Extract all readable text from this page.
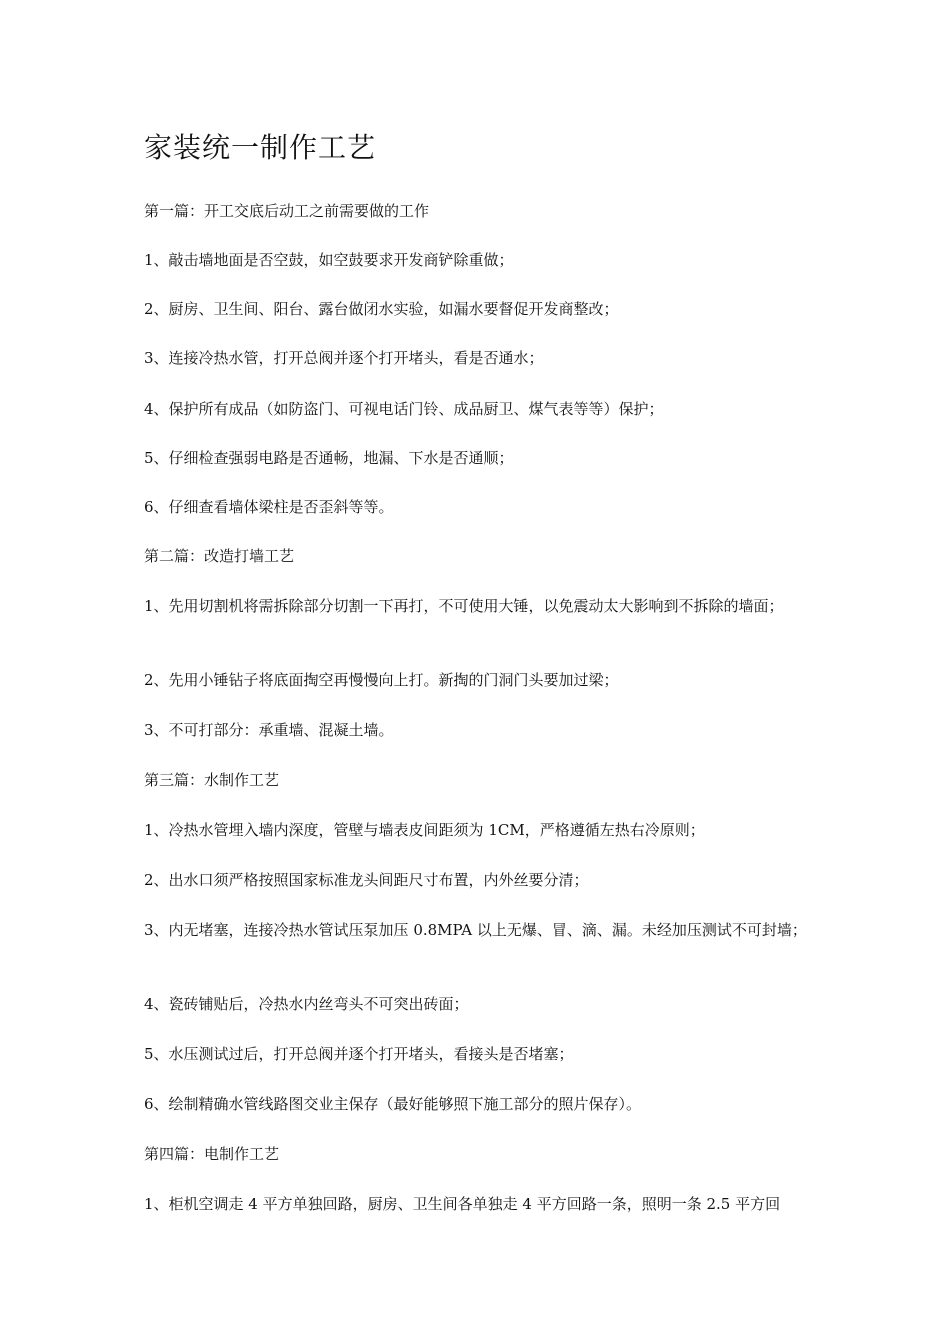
家装统一制作工艺
第一篇：开工交底后动工之前需要做的工作
1、敲击墙地面是否空鼓，如空鼓要求开发商铲除重做；
2、厨房、卫生间、阳台、露台做闭水实验，如漏水要督促开发商整改；
3、连接冷热水管，打开总阀并逐个打开堵头，看是否通水；
4、保护所有成品（如防盗门、可视电话门铃、成品厨卫、煤气表等等）保护；
5、仔细检查强弱电路是否通畅，地漏、下水是否通顺；
6、仔细查看墙体梁柱是否歪斜等等。
第二篇：改造打墙工艺
1、先用切割机将需拆除部分切割一下再打，不可使用大锤，以免震动太大影响到不拆除的墙面；
2、先用小锤钻子将底面掏空再慢慢向上打。新掏的门洞门头要加过梁；
3、不可打部分：承重墙、混凝土墙。
第三篇：水制作工艺
1、冷热水管埋入墙内深度，管壁与墙表皮间距须为 1CM，严格遵循左热右冷原则；
2、出水口须严格按照国家标准龙头间距尺寸布置，内外丝要分清；
3、内无堵塞，连接冷热水管试压泵加压 0.8MPA 以上无爆、冒、滴、漏。未经加压测试不可封墙；
4、瓷砖铺贴后，冷热水内丝弯头不可突出砖面；
5、水压测试过后，打开总阀并逐个打开堵头，看接头是否堵塞；
6、绘制精确水管线路图交业主保存（最好能够照下施工部分的照片保存）。
第四篇：电制作工艺
1、柜机空调走 4 平方单独回路，厨房、卫生间各单独走 4 平方回路一条，照明一条 2.5 平方回
